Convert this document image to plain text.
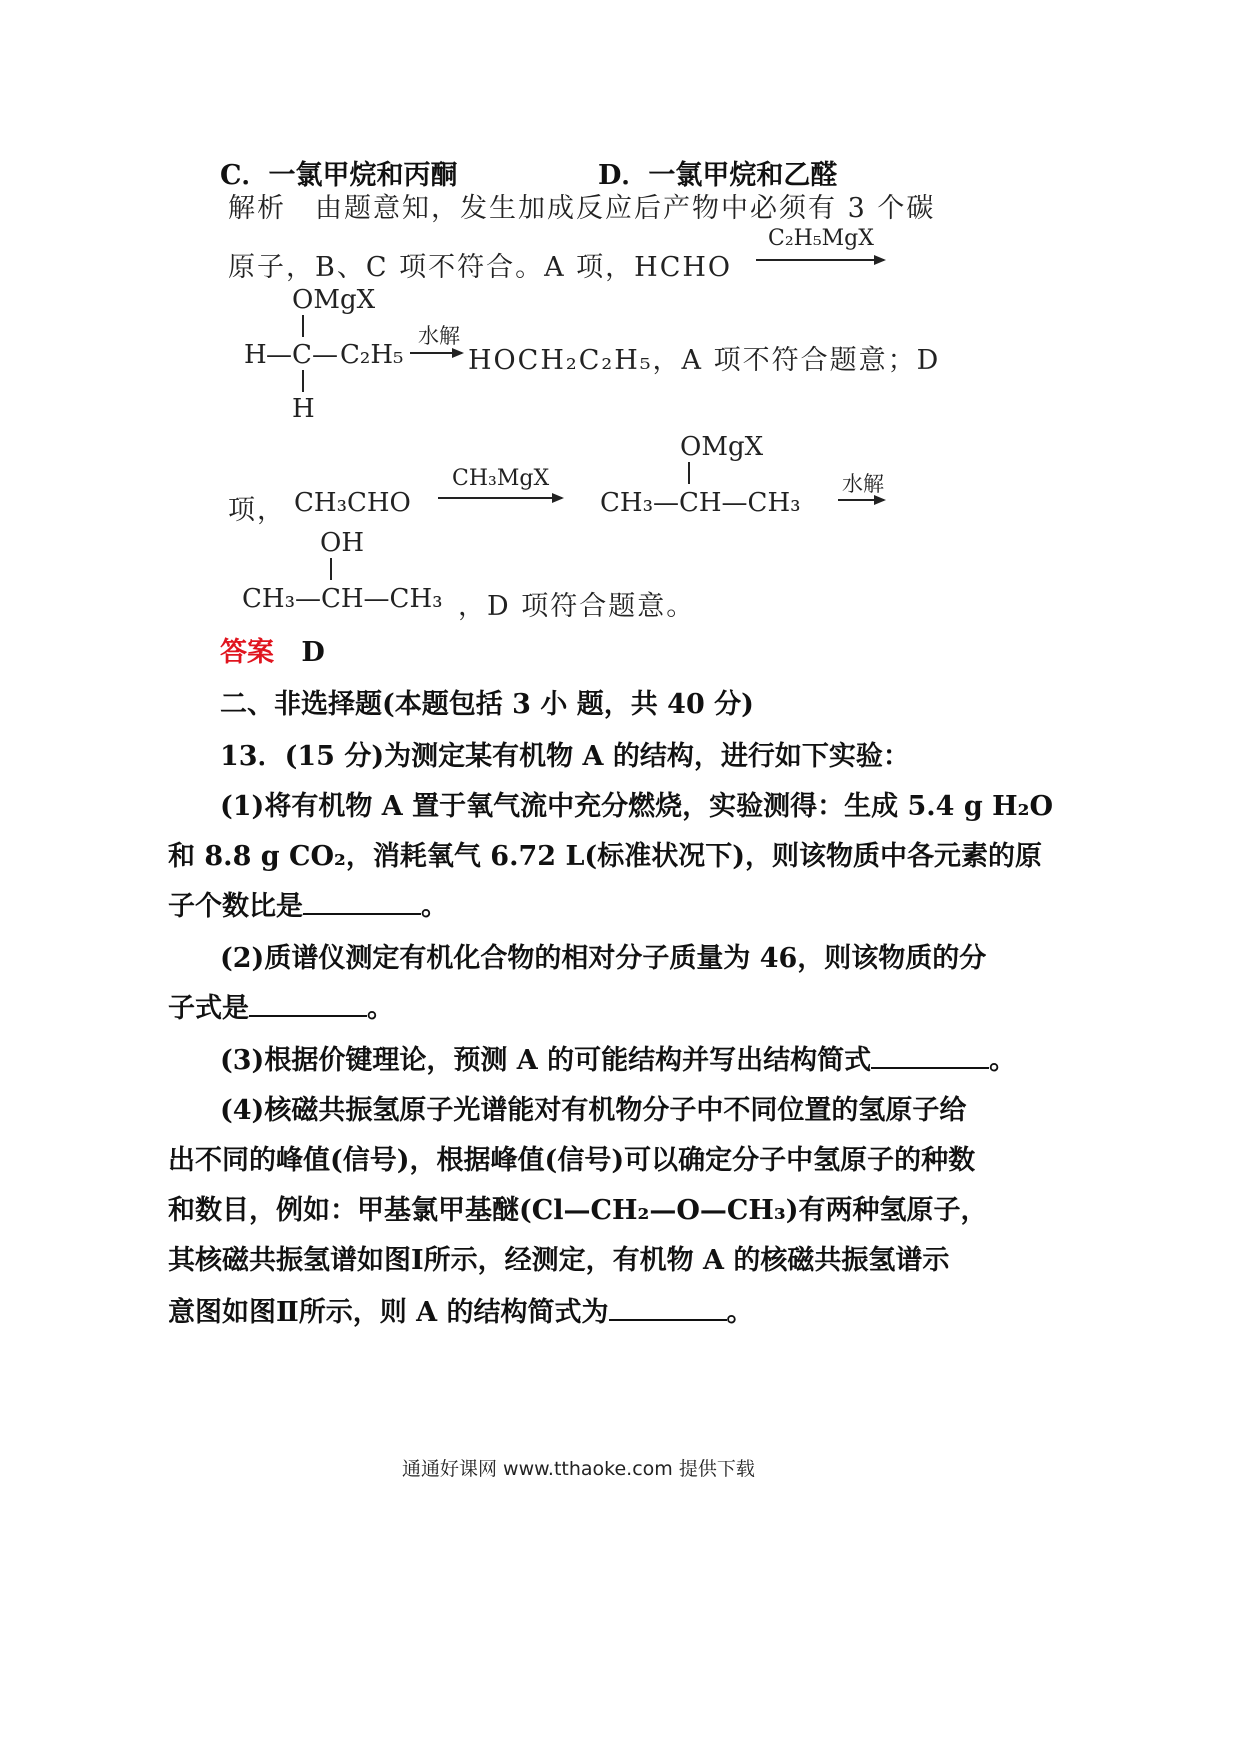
C．一氯甲烷和丙酮	D．一氯甲烷和乙醛
解析　由题意知，发生加成反应后产物中必须有 3 个碳
原子，B、C 项不符合。A 项，HCHO
C₂H₅MgX
OMgX
H — C — C₂H₅
H
水解
HOCH₂C₂H₅，A 项不符合题意；D
OMgX
项， CH₃CHO
CH₃MgX
CH₃—CH—CH₃
水解
OH
CH₃—CH—CH₃ ，D 项符合题意。
答案 D
二、非选择题(本题包括 3 小 题，共 40 分)
13．(15 分)为测定某有机物 A 的结构，进行如下实验：
(1)将有机物 A 置于氧气流中充分燃烧，实验测得：生成 5.4 g H₂O
和 8.8 g CO₂，消耗氧气 6.72 L(标准状况下)，则该物质中各元素的原
子个数比是	。
(2)质谱仪测定有机化合物的相对分子质量为 46，则该物质的分
子式是	。
(3)根据价键理论，预测 A 的可能结构并写出结构简式	。
(4)核磁共振氢原子光谱能对有机物分子中不同位置的氢原子给
出不同的峰值(信号)，根据峰值(信号)可以确定分子中氢原子的种数
和数目，例如：甲基氯甲基醚(Cl—CH₂—O—CH₃)有两种氢原子，
其核磁共振氢谱如图Ⅰ所示，经测定，有机物 A 的核磁共振氢谱示
意图如图Ⅱ所示，则 A 的结构简式为	。
通通好课网 www.tthaoke.com 提供下载
